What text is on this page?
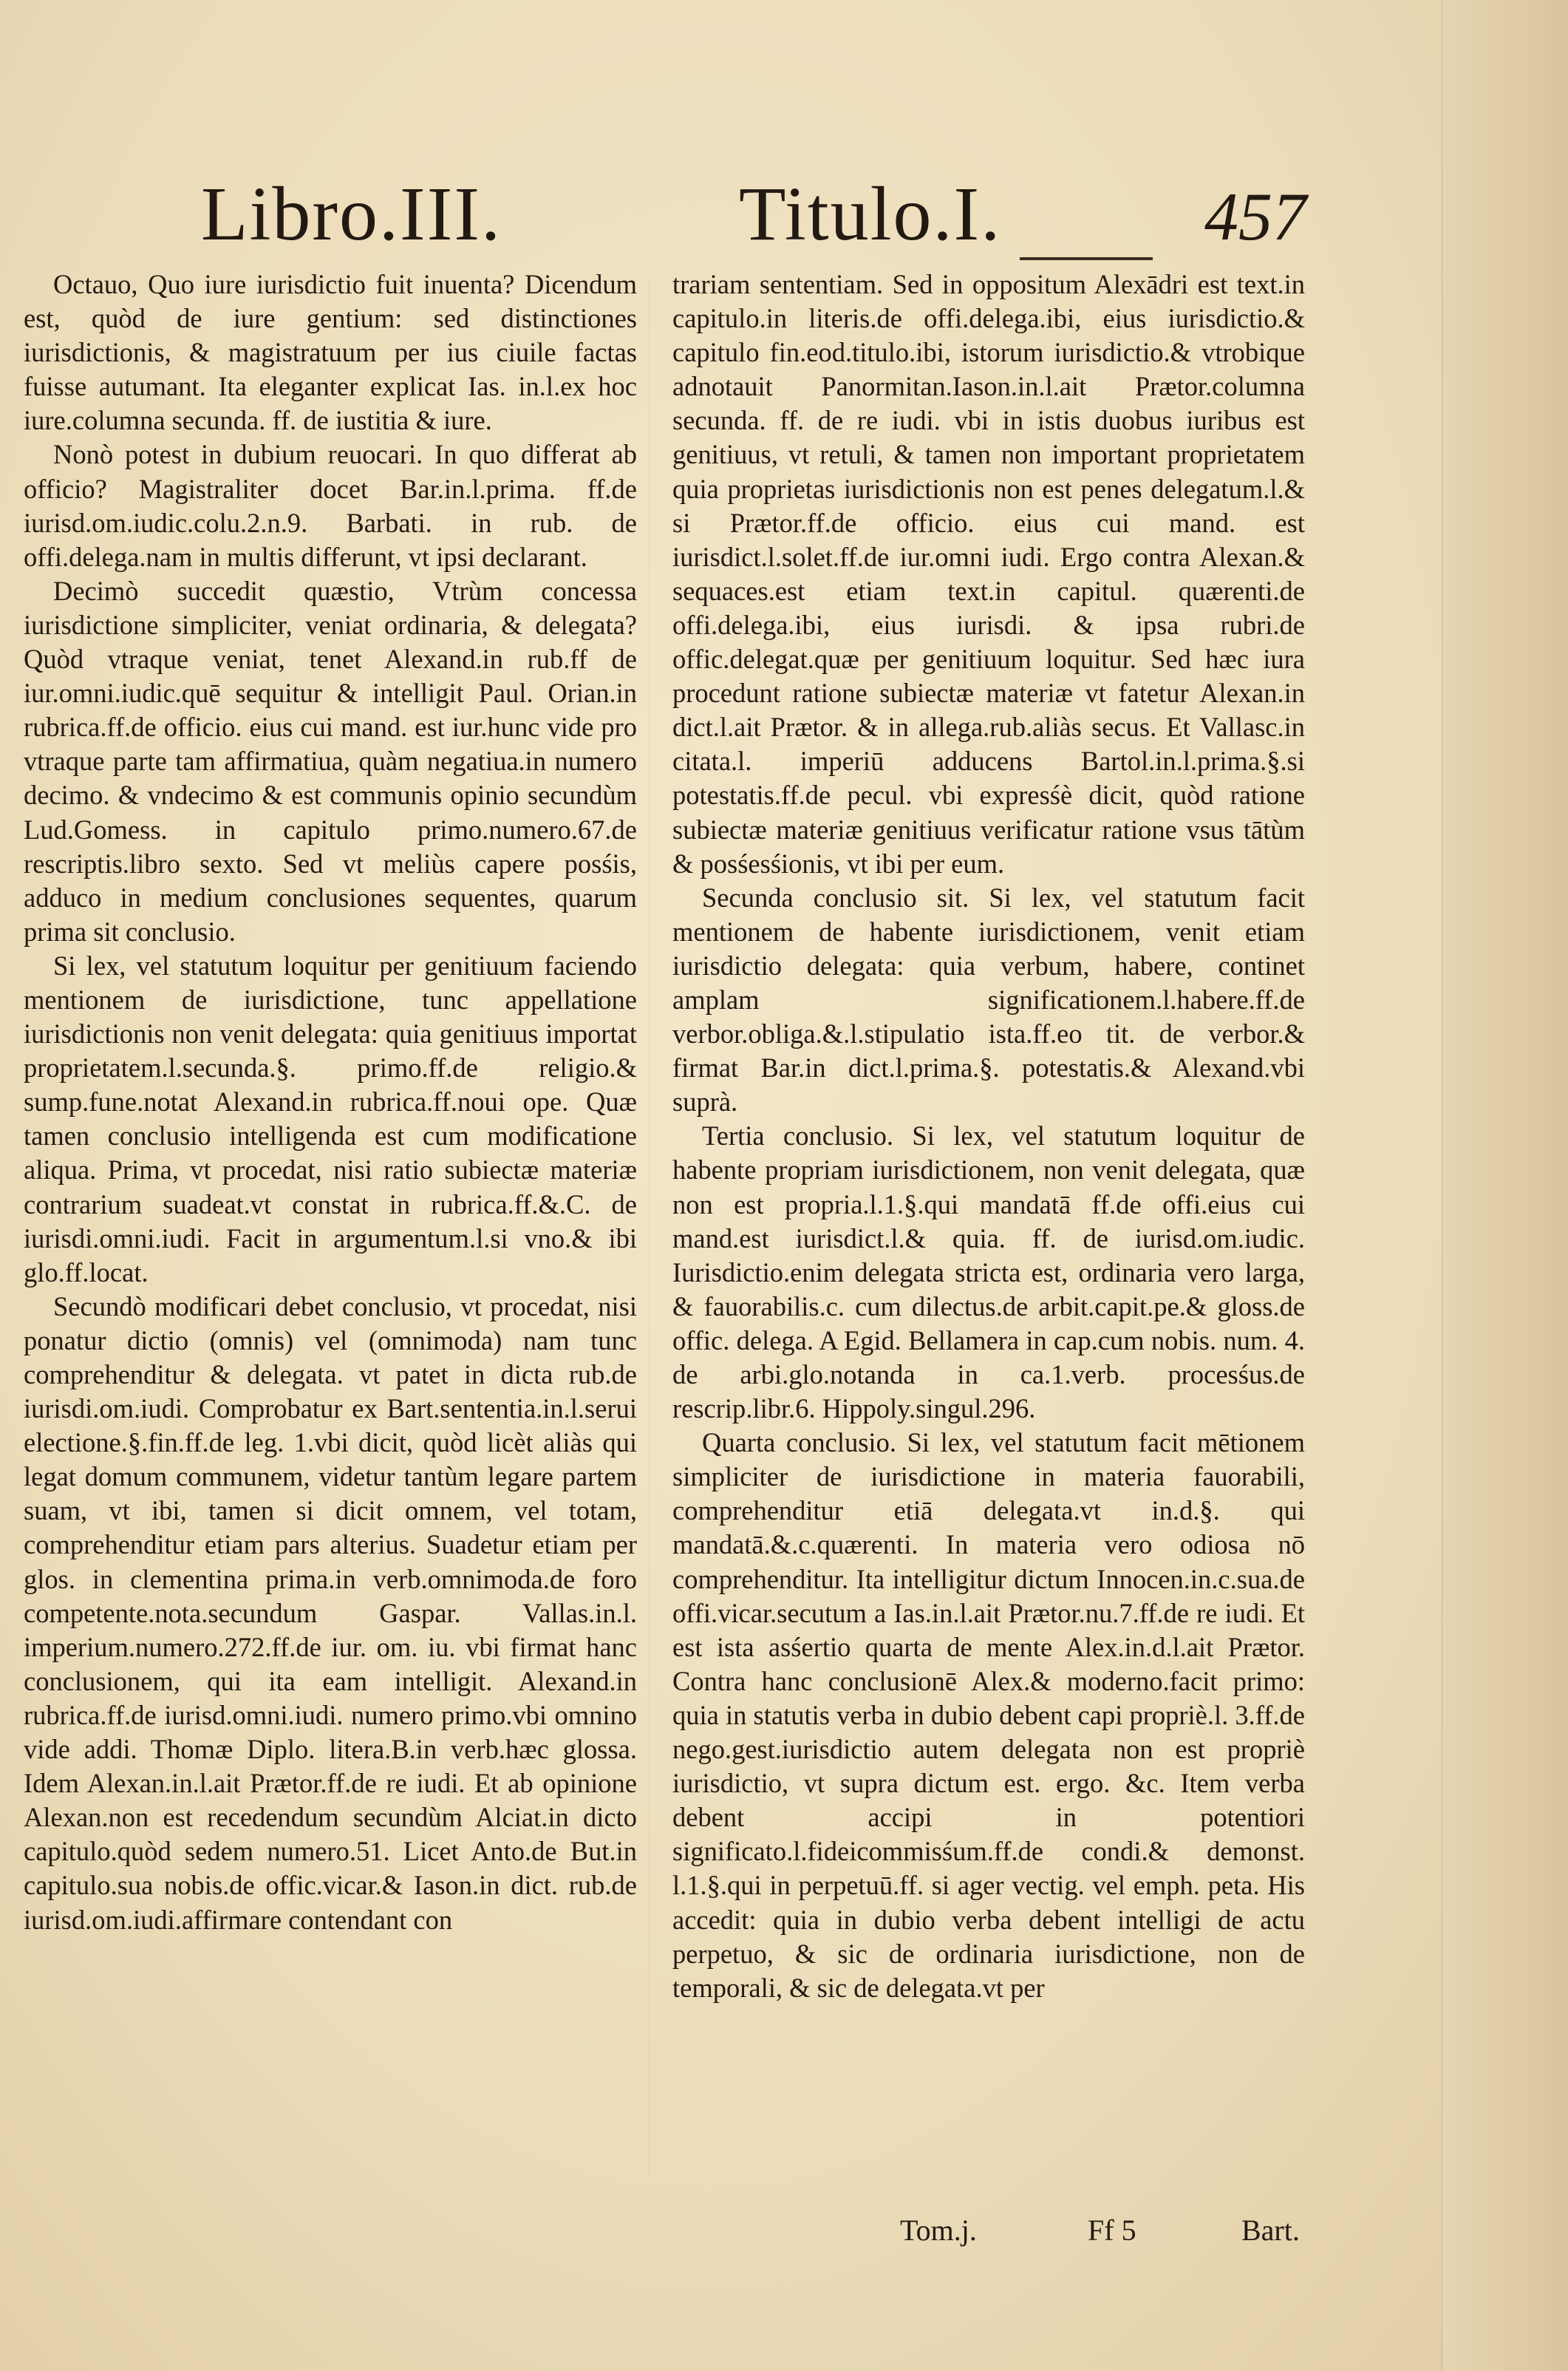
Libro.III.	Titulo.I.	457

Octauo, Quo iure iurisdictio fuit inuenta? Dicendum est, quòd de iure gentium: sed distinctiones iurisdictionis, & magistratuum per ius ciuile factas fuisse autumant. Ita eleganter explicat Ias. in.l.ex hoc iure.columna secunda. ff. de iustitia & iure.

Nonò potest in dubium reuocari. In quo differat ab officio? Magistraliter docet Bar.in.l.prima. ff.de iurisd.om.iudic.colu.2.n.9. Barbati. in rub. de offi.delega.nam in multis differunt, vt ipsi declarant.

Decimò succedit quæstio, Vtrùm concessa iurisdictione simpliciter, veniat ordinaria, & delegata? Quòd vtraque veniat, tenet Alexand.in rub.ff de iur.omni.iudic.quē sequitur & intelligit Paul. Orian.in rubrica.ff.de officio. eius cui mand. est iur.hunc vide pro vtraque parte tam affirmatiua, quàm negatiua.in numero decimo. & vndecimo & est communis opinio secundùm Lud.Gomess. in capitulo primo.numero.67.de rescriptis.libro sexto. Sed vt meliùs capere posśis, adduco in medium conclusiones sequentes, quarum prima sit conclusio.

Si lex, vel statutum loquitur per genitiuum faciendo mentionem de iurisdictione, tunc appellatione iurisdictionis non venit delegata: quia genitiuus importat proprietatem.l.secunda.§. primo.ff.de religio.& sump.fune.notat Alexand.in rubrica.ff.noui ope. Quæ tamen conclusio intelligenda est cum modificatione aliqua. Prima, vt procedat, nisi ratio subiectæ materiæ contrarium suadeat.vt constat in rubrica.ff.&.C. de iurisdi.omni.iudi. Facit in argumentum.l.si vno.& ibi glo.ff.locat.

Secundò modificari debet conclusio, vt procedat, nisi ponatur dictio (omnis) vel (omnimoda) nam tunc comprehenditur & delegata. vt patet in dicta rub.de iurisdi.om.iudi. Comprobatur ex Bart.sententia.in.l.serui electione.§.fin.ff.de leg. 1.vbi dicit, quòd licèt aliàs qui legat domum communem, videtur tantùm legare partem suam, vt ibi, tamen si dicit omnem, vel totam, comprehenditur etiam pars alterius. Suadetur etiam per glos. in clementina prima.in verb.omnimoda.de foro competente.nota.secundum Gaspar. Vallas.in.l. imperium.numero.272.ff.de iur. om. iu. vbi firmat hanc conclusionem, qui ita eam intelligit. Alexand.in rubrica.ff.de iurisd.omni.iudi. numero primo.vbi omnino vide addi. Thomæ Diplo. litera.B.in verb.hæc glossa. Idem Alexan.in.l.ait Prætor.ff.de re iudi. Et ab opinione Alexan.non est recedendum secundùm Alciat.in dicto capitulo.quòd sedem numero.51. Licet Anto.de But.in capitulo.sua nobis.de offic.vicar.& Iason.in dict. rub.de iurisd.om.iudi.affirmare contendant con

trariam sententiam. Sed in oppositum Alexādri est text.in capitulo.in literis.de offi.delega.ibi, eius iurisdictio.& capitulo fin.eod.titulo.ibi, istorum iurisdictio.& vtrobique adnotauit Panormitan.Iason.in.l.ait Prætor.columna secunda. ff. de re iudi. vbi in istis duobus iuribus est genitiuus, vt retuli, & tamen non important proprietatem quia proprietas iurisdictionis non est penes delegatum.l.& si Prætor.ff.de officio. eius cui mand. est iurisdict.l.solet.ff.de iur.omni iudi. Ergo contra Alexan.& sequaces.est etiam text.in capitul. quærenti.de offi.delega.ibi, eius iurisdi. & ipsa rubri.de offic.delegat.quæ per genitiuum loquitur. Sed hæc iura procedunt ratione subiectæ materiæ vt fatetur Alexan.in dict.l.ait Prætor. & in allega.rub.aliàs secus. Et Vallasc.in citata.l. imperiū adducens Bartol.in.l.prima.§.si potestatis.ff.de pecul. vbi expresśè dicit, quòd ratione subiectæ materiæ genitiuus verificatur ratione vsus tātùm & posśesśionis, vt ibi per eum.

Secunda conclusio sit. Si lex, vel statutum facit mentionem de habente iurisdictionem, venit etiam iurisdictio delegata: quia verbum, habere, continet amplam significationem.l.habere.ff.de verbor.obliga.&.l.stipulatio ista.ff.eo tit. de verbor.& firmat Bar.in dict.l.prima.§. potestatis.& Alexand.vbi suprà.

Tertia conclusio. Si lex, vel statutum loquitur de habente propriam iurisdictionem, non venit delegata, quæ non est propria.l.1.§.qui mandatā ff.de offi.eius cui mand.est iurisdict.l.& quia. ff. de iurisd.om.iudic. Iurisdictio.enim delegata stricta est, ordinaria vero larga, & fauorabilis.c. cum dilectus.de arbit.capit.pe.& gloss.de offic. delega. A Egid. Bellamera in cap.cum nobis. num. 4. de arbi.glo.notanda in ca.1.verb. procesśus.de rescrip.libr.6. Hippoly.singul.296.

Quarta conclusio. Si lex, vel statutum facit mētionem simpliciter de iurisdictione in materia fauorabili, comprehenditur etiā delegata.vt in.d.§. qui mandatā.&.c.quærenti. In materia vero odiosa nō comprehenditur. Ita intelligitur dictum Innocen.in.c.sua.de offi.vicar.secutum a Ias.in.l.ait Prætor.nu.7.ff.de re iudi. Et est ista asśertio quarta de mente Alex.in.d.l.ait Prætor. Contra hanc conclusionē Alex.& moderno.facit primo: quia in statutis verba in dubio debent capi propriè.l. 3.ff.de nego.gest.iurisdictio autem delegata non est propriè iurisdictio, vt supra dictum est. ergo. &c. Item verba debent accipi in potentiori significato.l.fideicommisśum.ff.de condi.& demonst. l.1.§.qui in perpetuū.ff. si ager vectig. vel emph. peta. His accedit: quia in dubio verba debent intelligi de actu perpetuo, & sic de ordinaria iurisdictione, non de temporali, & sic de delegata.vt per

Tom.j.	Ff 5	Bart.
